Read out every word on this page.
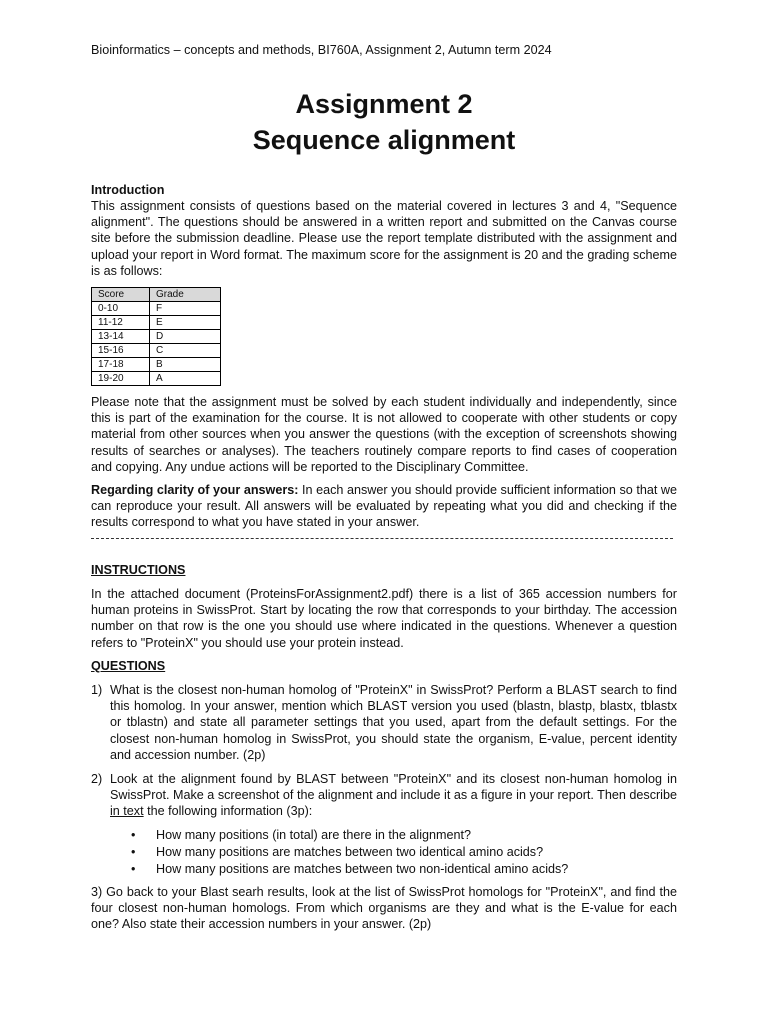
Bioinformatics – concepts and methods, BI760A, Assignment 2, Autumn term 2024
Assignment 2
Sequence alignment
Introduction
This assignment consists of questions based on the material covered in lectures 3 and 4, "Sequence alignment". The questions should be answered in a written report and submitted on the Canvas course site before the submission deadline. Please use the report template distributed with the assignment and upload your report in Word format. The maximum score for the assignment is 20 and the grading scheme is as follows:
Score	Grade
0-10	F
11-12	E
13-14	D
15-16	C
17-18	B
19-20	A
Please note that the assignment must be solved by each student individually and independently, since this is part of the examination for the course. It is not allowed to cooperate with other students or copy material from other sources when you answer the questions (with the exception of screenshots showing results of searches or analyses). The teachers routinely compare reports to find cases of cooperation and copying. Any undue actions will be reported to the Disciplinary Committee.
Regarding clarity of your answers: In each answer you should provide sufficient information so that we can reproduce your result. All answers will be evaluated by repeating what you did and checking if the results correspond to what you have stated in your answer.
INSTRUCTIONS
In the attached document (ProteinsForAssignment2.pdf) there is a list of 365 accession numbers for human proteins in SwissProt. Start by locating the row that corresponds to your birthday. The accession number on that row is the one you should use where indicated in the questions. Whenever a question refers to "ProteinX" you should use your protein instead.
QUESTIONS
1) What is the closest non-human homolog of "ProteinX" in SwissProt? Perform a BLAST search to find this homolog. In your answer, mention which BLAST version you used (blastn, blastp, blastx, tblastx or tblastn) and state all parameter settings that you used, apart from the default settings. For the closest non-human homolog in SwissProt, you should state the organism, E-value, percent identity and accession number. (2p)
2) Look at the alignment found by BLAST between "ProteinX" and its closest non-human homolog in SwissProt. Make a screenshot of the alignment and include it as a figure in your report. Then describe in text the following information (3p):
• How many positions (in total) are there in the alignment?
• How many positions are matches between two identical amino acids?
• How many positions are matches between two non-identical amino acids?
3) Go back to your Blast searh results, look at the list of SwissProt homologs for "ProteinX", and find the four closest non-human homologs. From which organisms are they and what is the E-value for each one? Also state their accession numbers in your answer. (2p)
